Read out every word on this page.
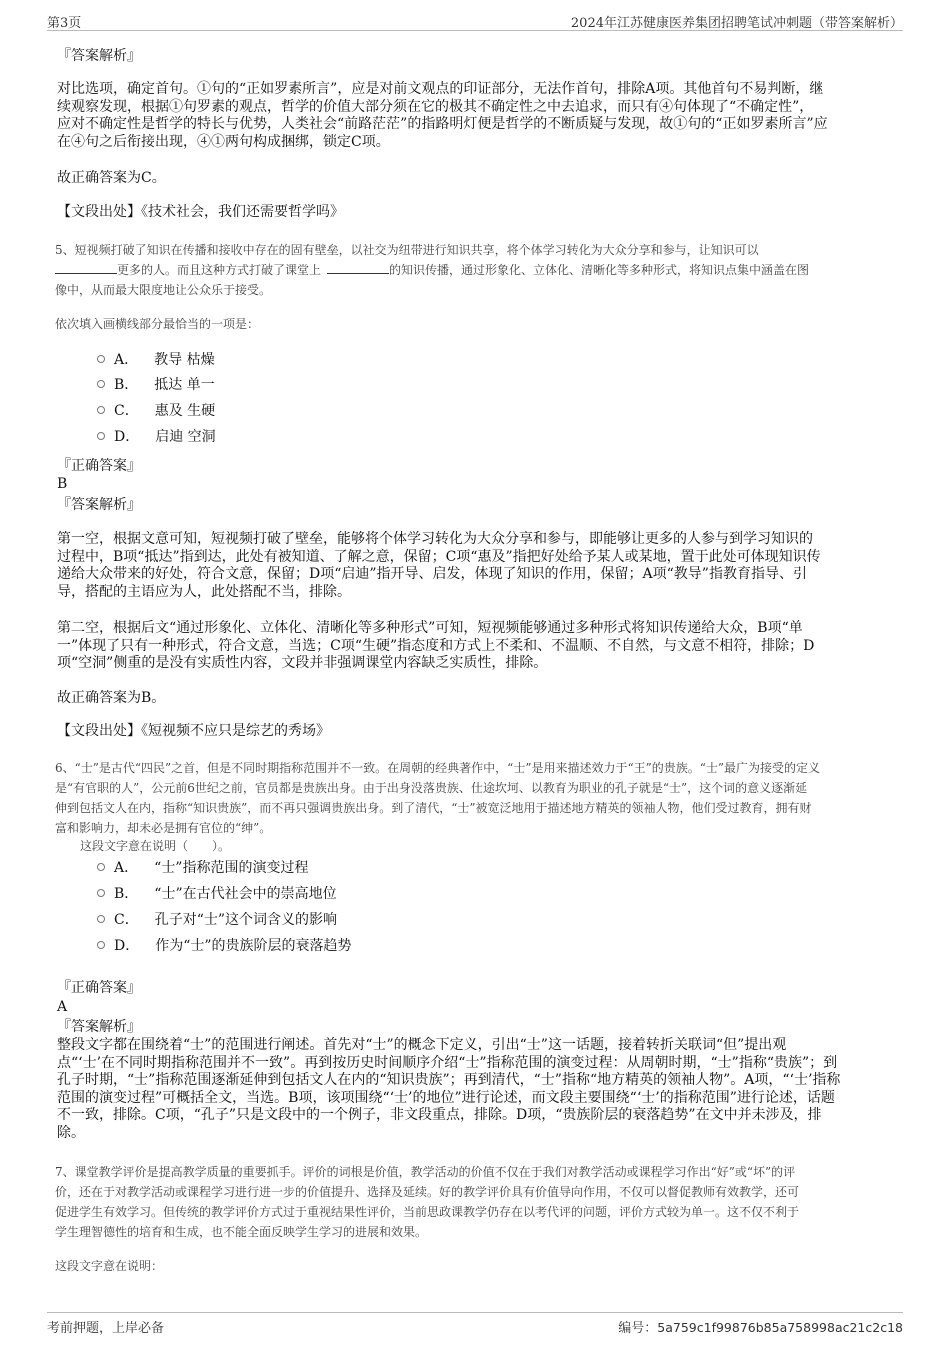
第3页	2024年江苏健康医养集团招聘笔试冲刺题（带答案解析）
『答案解析』
对比选项，确定首句。①句的“正如罗素所言”，应是对前文观点的印证部分，无法作首句，排除A项。其他首句不易判断，继
续观察发现，根据①句罗素的观点，哲学的价值大部分须在它的极其不确定性之中去追求，而只有④句体现了“不确定性”，
应对不确定性是哲学的特长与优势，人类社会“前路茫茫”的指路明灯便是哲学的不断质疑与发现，故①句的“正如罗素所言”应
在④句之后衔接出现，④①两句构成捆绑，锁定C项。
故正确答案为C。
【文段出处】《技术社会，我们还需要哲学吗》
5、短视频打破了知识在传播和接收中存在的固有壁垒，以社交为纽带进行知识共享，将个体学习转化为大众分享和参与，让知识可以
更多的人。而且这种方式打破了课堂上	的知识传播，通过形象化、立体化、清晰化等多种形式，将知识点集中涵盖在图
像中，从而最大限度地让公众乐于接受。
依次填入画横线部分最恰当的一项是：
A． 教导 枯燥
B． 抵达 单一
C． 惠及 生硬
D． 启迪 空洞
『正确答案』
B
『答案解析』
第一空，根据文意可知，短视频打破了壁垒，能够将个体学习转化为大众分享和参与，即能够让更多的人参与到学习知识的
过程中，B项“抵达”指到达，此处有被知道、了解之意，保留；C项“惠及”指把好处给予某人或某地，置于此处可体现知识传
递给大众带来的好处，符合文意，保留；D项“启迪”指开导、启发，体现了知识的作用，保留；A项“教导”指教育指导、引
导，搭配的主语应为人，此处搭配不当，排除。
第二空，根据后文“通过形象化、立体化、清晰化等多种形式”可知，短视频能够通过多种形式将知识传递给大众，B项“单
一”体现了只有一种形式，符合文意，当选；C项“生硬”指态度和方式上不柔和、不温顺、不自然，与文意不相符，排除；D
项“空洞”侧重的是没有实质性内容，文段并非强调课堂内容缺乏实质性，排除。
故正确答案为B。
【文段出处】《短视频不应只是综艺的秀场》
6、“士”是古代“四民”之首，但是不同时期指称范围并不一致。在周朝的经典著作中，“士”是用来描述效力于“王”的贵族。“士”最广为接受的定义
是“有官职的人”，公元前6世纪之前，官员都是贵族出身。由于出身没落贵族、仕途坎坷、以教育为职业的孔子就是“士”，这个词的意义逐渐延
伸到包括文人在内，指称“知识贵族”，而不再只强调贵族出身。到了清代，“士”被宽泛地用于描述地方精英的领袖人物，他们受过教育，拥有财
富和影响力，却未必是拥有官位的“绅”。
这段文字意在说明（　　）。
A． “士”指称范围的演变过程
B． “士”在古代社会中的崇高地位
C． 孔子对“士”这个词含义的影响
D． 作为“士”的贵族阶层的衰落趋势
『正确答案』
A
『答案解析』
整段文字都在围绕着“士”的范围进行阐述。首先对“士”的概念下定义，引出“士”这一话题，接着转折关联词“但”提出观
点“‘士’在不同时期指称范围并不一致”。再到按历史时间顺序介绍“士”指称范围的演变过程：从周朝时期，“士”指称“贵族”；到
孔子时期，“士”指称范围逐渐延伸到包括文人在内的“知识贵族”；再到清代，“士”指称“地方精英的领袖人物”。A项，“‘士’指称
范围的演变过程”可概括全文，当选。B项，该项围绕“‘士’的地位”进行论述，而文段主要围绕“‘士’的指称范围”进行论述，话题
不一致，排除。C项，“孔子”只是文段中的一个例子，非文段重点，排除。D项，“贵族阶层的衰落趋势”在文中并未涉及，排
除。
7、课堂教学评价是提高教学质量的重要抓手。评价的词根是价值，教学活动的价值不仅在于我们对教学活动或课程学习作出“好”或“坏”的评
价，还在于对教学活动或课程学习进行进一步的价值提升、选择及延续。好的教学评价具有价值导向作用，不仅可以督促教师有效教学，还可
促进学生有效学习。但传统的教学评价方式过于重视结果性评价，当前思政课教学仍存在以考代评的问题，评价方式较为单一。这不仅不利于
学生理智德性的培育和生成，也不能全面反映学生学习的进展和效果。
这段文字意在说明：
考前押题，上岸必备	编号：5a759c1f99876b85a758998ac21c2c18
